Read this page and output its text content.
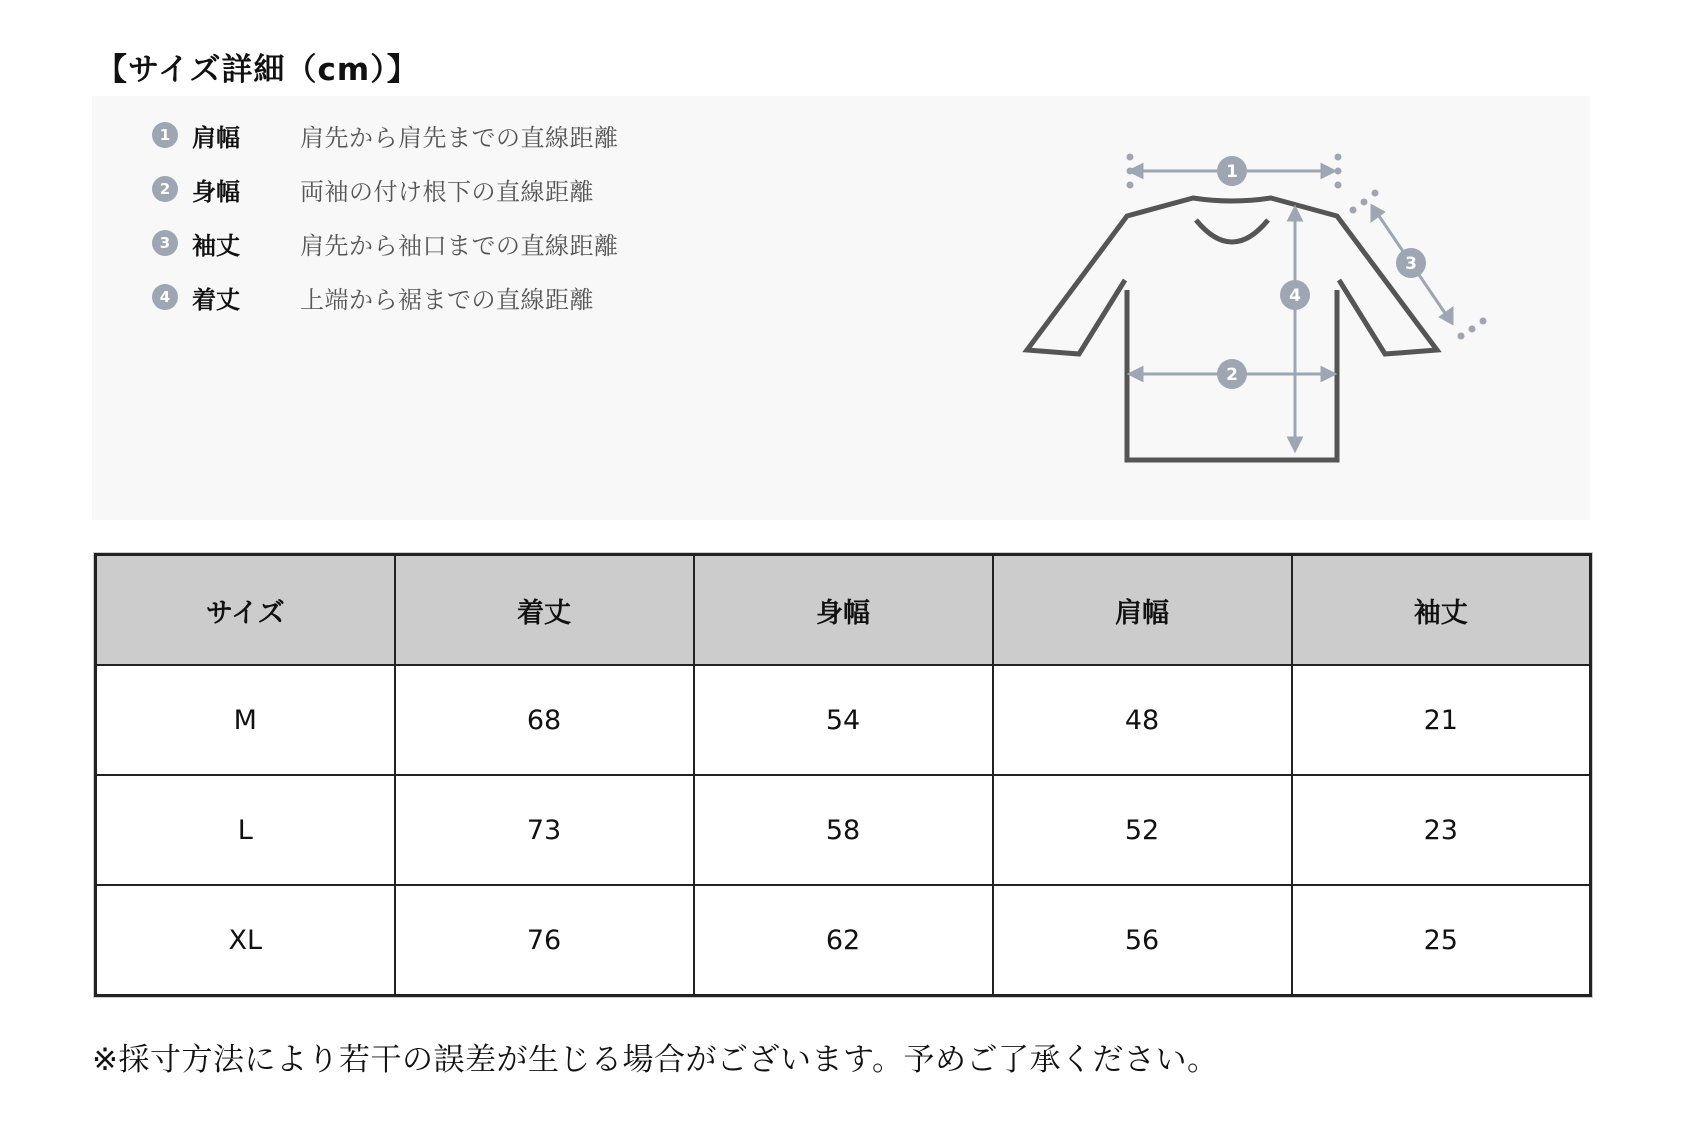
【サイズ詳細（cm）】
1 肩幅	肩先から肩先までの直線距離
2 身幅	両袖の付け根下の直線距離
3 袖丈	肩先から袖口までの直線距離
4 着丈	上端から裾までの直線距離
1
2
3
4
サイズ	着丈	身幅	肩幅	袖丈
M	68	54	48	21
L	73	58	52	23
XL	76	62	56	25
※採寸方法により若干の誤差が生じる場合がございます。予めご了承ください。
